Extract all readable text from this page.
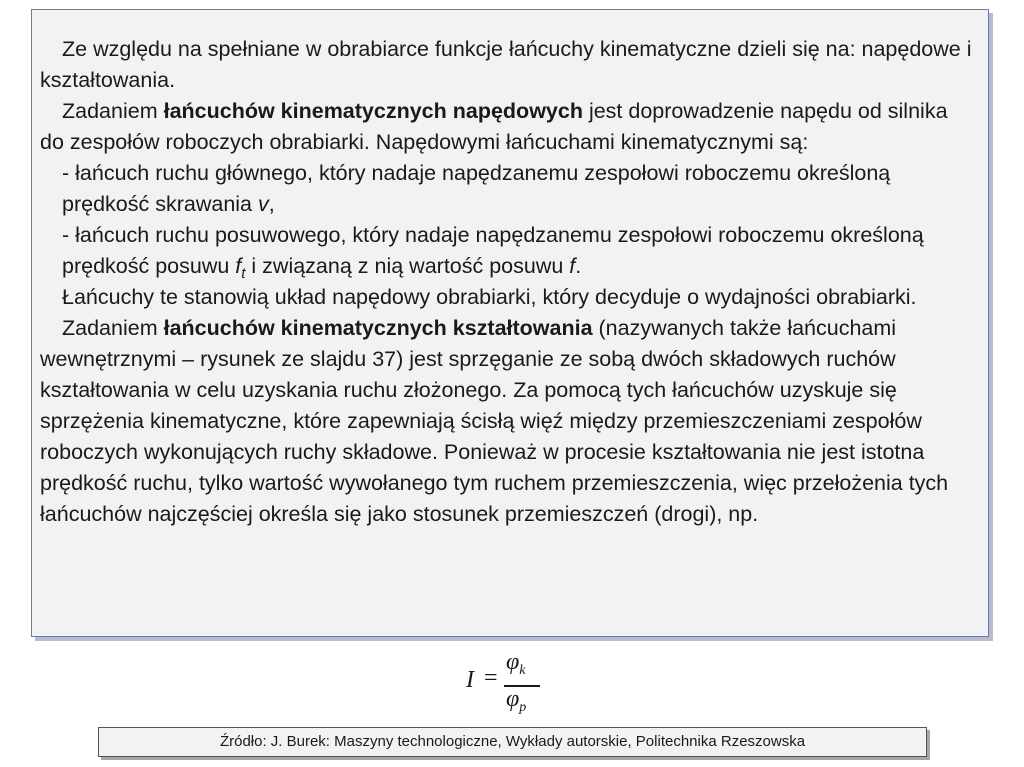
Ze względu na spełniane w obrabiarce funkcje łańcuchy kinematyczne dzieli się na: napędowe i kształtowania.

Zadaniem łańcuchów kinematycznych napędowych jest doprowadzenie napędu od silnika do zespołów roboczych obrabiarki. Napędowymi łańcuchami kinematycznymi są:

- łańcuch ruchu głównego, który nadaje napędzanemu zespołowi roboczemu określoną prędkość skrawania v,

- łańcuch ruchu posuwowego, który nadaje napędzanemu zespołowi roboczemu określoną prędkość posuwu $f_t$ i związaną z nią wartość posuwu f.

Łańcuchy te stanowią układ napędowy obrabiarki, który decyduje o wydajności obrabiarki.

Zadaniem łańcuchów kinematycznych kształtowania (nazywanych także łańcuchami wewnętrznymi – rysunek ze slajdu 37) jest sprzęganie ze sobą dwóch składowych ruchów kształtowania w celu uzyskania ruchu złożonego. Za pomocą tych łańcuchów uzyskuje się sprzężenia kinematyczne, które zapewniają ścisłą więź między przemieszczeniami zespołów roboczych wykonujących ruchy składowe. Ponieważ w procesie kształtowania nie jest istotna prędkość ruchu, tylko wartość wywołanego tym ruchem przemieszczenia, więc przełożenia tych łańcuchów najczęściej określa się jako stosunek przemieszczeń (drogi), np.

I =
$\varphi_k$
$\varphi_p$
Źródło: J. Burek: Maszyny technologiczne, Wykłady autorskie, Politechnika Rzeszowska
